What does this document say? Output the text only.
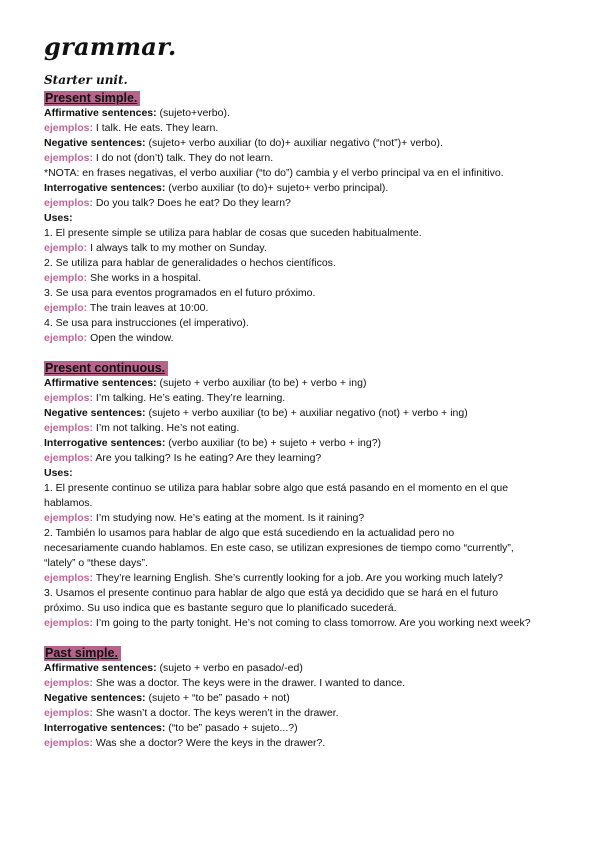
grammar.
Starter unit.
Present simple.
Affirmative sentences: (sujeto+verbo).
ejemplos: I talk. He eats. They learn.
Negative sentences: (sujeto+ verbo auxiliar (to do)+ auxiliar negativo (“not”)+ verbo).
ejemplos: I do not (don’t) talk. They do not learn.
*NOTA: en frases negativas, el verbo auxiliar (“to do”) cambia y el verbo principal va en el infinitivo.
Interrogative sentences: (verbo auxiliar (to do)+ sujeto+ verbo principal).
ejemplos: Do you talk? Does he eat? Do they learn?
Uses:
1. El presente simple se utiliza para hablar de cosas que suceden habitualmente.
ejemplo: I always talk to my mother on Sunday.
2. Se utiliza para hablar de generalidades o hechos científicos.
ejemplo: She works in a hospital.
3. Se usa para eventos programados en el futuro próximo.
ejemplo: The train leaves at 10:00.
4. Se usa para instrucciones (el imperativo).
ejemplo: Open the window.
Present continuous.
Affirmative sentences: (sujeto + verbo auxiliar (to be) + verbo + ing)
ejemplos: I’m talking. He’s eating. They’re learning.
Negative sentences: (sujeto + verbo auxiliar (to be) + auxiliar negativo (not) + verbo + ing)
ejemplos: I’m not talking. He’s not eating.
Interrogative sentences: (verbo auxiliar (to be) + sujeto + verbo + ing?)
ejemplos: Are you talking? Is he eating? Are they learning?
Uses:
1. El presente continuo se utiliza para hablar sobre algo que está pasando en el momento en el que
hablamos.
ejemplos: I’m studying now. He’s eating at the moment. Is it raining?
2. También lo usamos para hablar de algo que está sucediendo en la actualidad pero no
necesariamente cuando hablamos. En este caso, se utilizan expresiones de tiempo como “currently”,
“lately” o “these days”.
ejemplos: They’re learning English. She’s currently looking for a job. Are you working much lately?
3. Usamos el presente continuo para hablar de algo que está ya decidido que se hará en el futuro
próximo. Su uso indica que es bastante seguro que lo planificado sucederá.
ejemplos: I’m going to the party tonight. He’s not coming to class tomorrow. Are you working next week?
Past simple.
Affirmative sentences: (sujeto + verbo en pasado/-ed)
ejemplos: She was a doctor. The keys were in the drawer. I wanted to dance.
Negative sentences: (sujeto + “to be” pasado + not)
ejemplos: She wasn’t a doctor. The keys weren’t in the drawer.
Interrogative sentences: (“to be” pasado + sujeto...?)
ejemplos: Was she a doctor? Were the keys in the drawer?.
